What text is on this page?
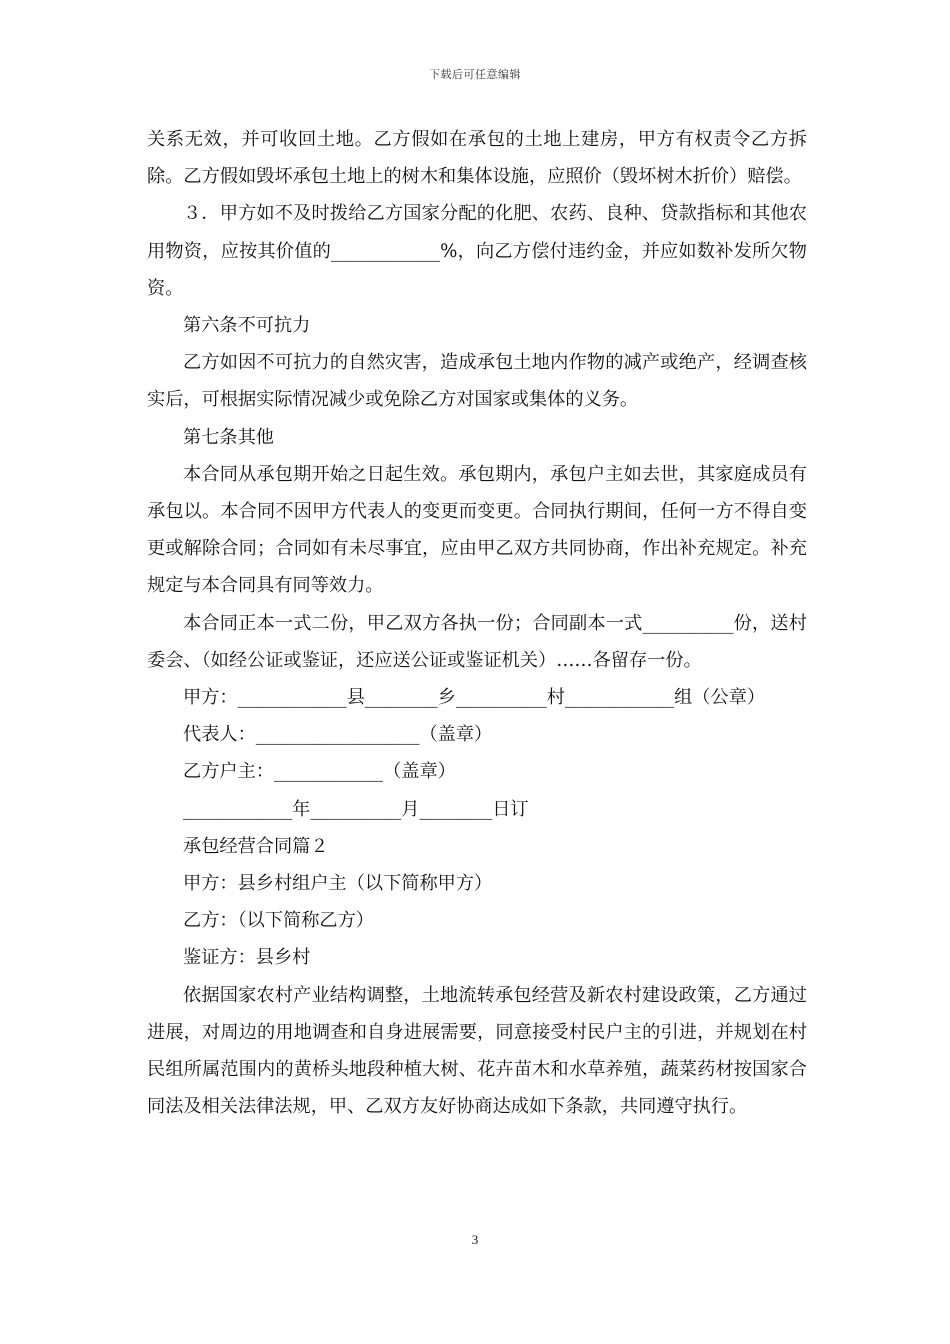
下载后可任意编辑

关系无效，并可收回土地。乙方假如在承包的土地上建房，甲方有权责令乙方拆除。乙方假如毁坏承包土地上的树木和集体设施，应照价（毁坏树木折价）赔偿。

３．甲方如不及时拨给乙方国家分配的化肥、农药、良种、贷款指标和其他农用物资，应按其价值的____________%，向乙方偿付违约金，并应如数补发所欠物资。

第六条不可抗力

乙方如因不可抗力的自然灾害，造成承包土地内作物的减产或绝产，经调查核实后，可根据实际情况减少或免除乙方对国家或集体的义务。

第七条其他

本合同从承包期开始之日起生效。承包期内，承包户主如去世，其家庭成员有承包以。本合同不因甲方代表人的变更而变更。合同执行期间，任何一方不得自变更或解除合同；合同如有未尽事宜，应由甲乙双方共同协商，作出补充规定。补充规定与本合同具有同等效力。

本合同正本一式二份，甲乙双方各执一份；合同副本一式__________份，送村委会、（如经公证或鉴证，还应送公证或鉴证机关）……各留存一份。

甲方：____________县________乡__________村____________组（公章）

代表人：__________________（盖章）

乙方户主：____________（盖章）

____________年__________月________日订

承包经营合同篇２

甲方：县乡村组户主（以下简称甲方）

乙方：（以下简称乙方）

鉴证方：县乡村

依据国家农村产业结构调整，土地流转承包经营及新农村建设政策，乙方通过进展，对周边的用地调查和自身进展需要，同意接受村民户主的引进，并规划在村民组所属范围内的黄桥头地段种植大树、花卉苗木和水草养殖，蔬菜药材按国家合同法及相关法律法规，甲、乙双方友好协商达成如下条款，共同遵守执行。

3
